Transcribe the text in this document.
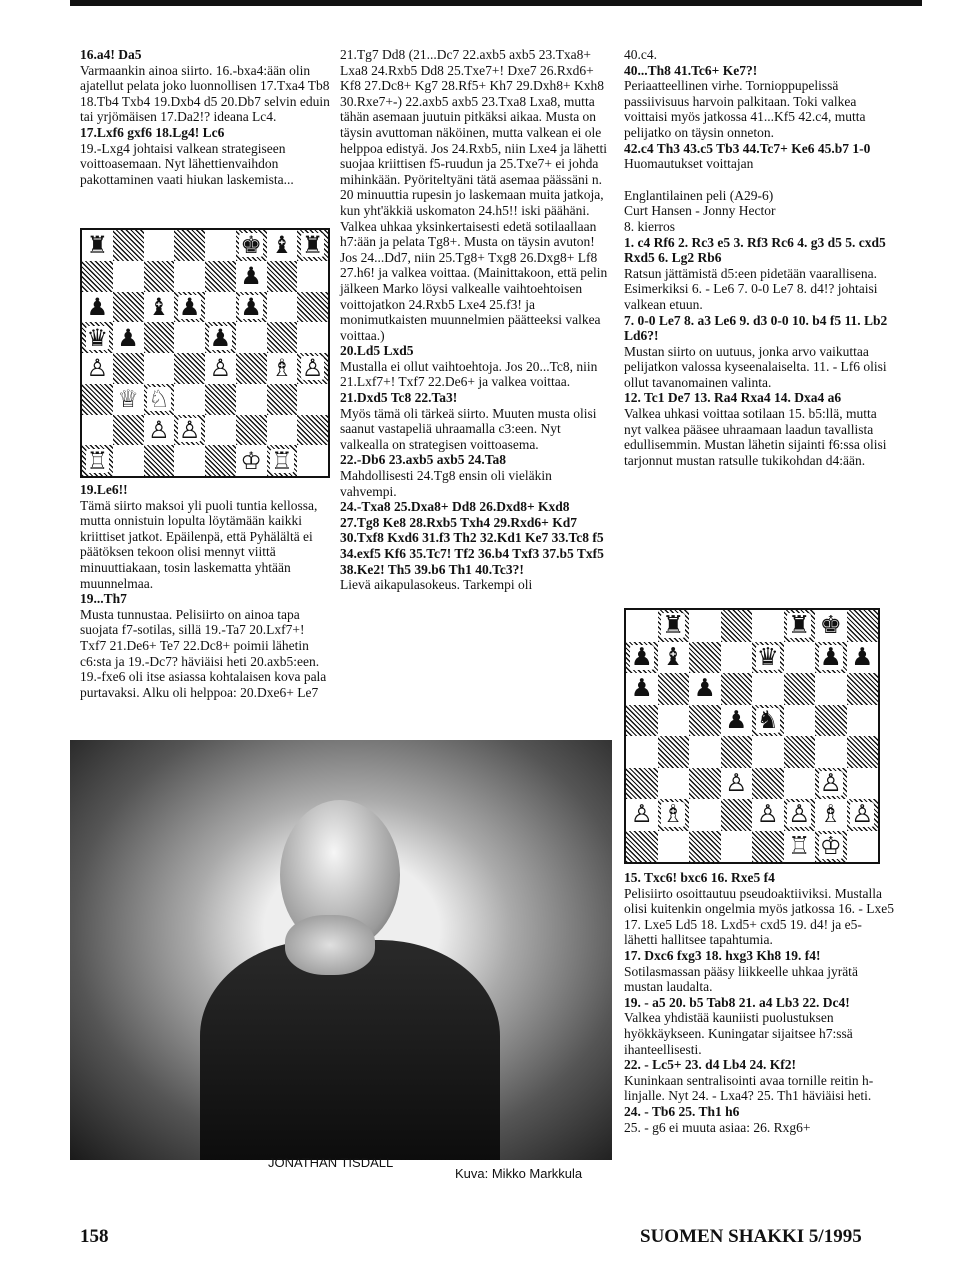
16.a4! Da5

Varmaankin ainoa siirto. 16.-bxa4:ään olin ajatellut pelata joko luonnollisen 17.Txa4 Tb8 18.Tb4 Txb4 19.Dxb4 d5 20.Db7 selvin eduin tai yrjömäisen 17.Da2!? ideana Lc4.

17.Lxf6 gxf6 18.Lg4! Lc6

19.-Lxg4 johtaisi valkean strategiseen voittoasemaan. Nyt lähettienvaihdon pakottaminen vaati hiukan laskemista...

♜	♚ ♝ ♜
♟
♟ ♝ ♟ ♟
♛ ♟	♟
♙	♙ ♗ ♙
♕ ♘
♙ ♙
♖	♔ ♖

19.Le6!!

Tämä siirto maksoi yli puoli tuntia kellossa, mutta onnistuin lopulta löytämään kaikki kriittiset jatkot. Epäilenpä, että Pyhälältä ei päätöksen tekoon olisi mennyt viittä minuuttiakaan, tosin laskematta yhtään muunnelmaa.

19...Th7

Musta tunnustaa. Pelisiirto on ainoa tapa suojata f7-sotilas, sillä 19.-Ta7 20.Lxf7+! Txf7 21.De6+ Te7 22.Dc8+ poimii lähetin c6:sta ja 19.-Dc7? häviäisi heti 20.axb5:een. 19.-fxe6 oli itse asiassa kohtalaisen kova pala purtavaksi. Alku oli helppoa: 20.Dxe6+ Le7

21.Tg7 Dd8 (21...Dc7 22.axb5 axb5 23.Txa8+ Lxa8 24.Rxb5 Dd8 25.Txe7+! Dxe7 26.Rxd6+ Kf8 27.Dc8+ Kg7 28.Rf5+ Kh7 29.Dxh8+ Kxh8 30.Rxe7+-) 22.axb5 axb5 23.Txa8 Lxa8, mutta tähän asemaan juutuin pitkäksi aikaa. Musta on täysin avuttoman näköinen, mutta valkean ei ole helppoa edistyä. Jos 24.Rxb5, niin Lxe4 ja lähetti suojaa kriittisen f5-ruudun ja 25.Txe7+ ei johda mihinkään. Pyöriteltyäni tätä asemaa päässäni n. 20 minuuttia rupesin jo laskemaan muita jatkoja, kun yht'äkkiä uskomaton 24.h5!! iski päähäni. Valkea uhkaa yksinkertaisesti edetä sotilaallaan h7:ään ja pelata Tg8+. Musta on täysin avuton! Jos 24...Dd7, niin 25.Tg8+ Txg8 26.Dxg8+ Lf8 27.h6! ja valkea voittaa. (Mainittakoon, että pelin jälkeen Marko löysi valkealle vaihtoehtoisen voittojatkon 24.Rxb5 Lxe4 25.f3! ja monimutkaisten muunnelmien päätteeksi valkea voittaa.)

20.Ld5 Lxd5

Mustalla ei ollut vaihtoehtoja. Jos 20...Tc8, niin 21.Lxf7+! Txf7 22.De6+ ja valkea voittaa.

21.Dxd5 Tc8 22.Ta3!

Myös tämä oli tärkeä siirto. Muuten musta olisi saanut vastapeliä uhraamalla c3:een. Nyt valkealla on strategisen voittoasema.

22.-Db6 23.axb5 axb5 24.Ta8

Mahdollisesti 24.Tg8 ensin oli vieläkin vahvempi.

24.-Txa8 25.Dxa8+ Dd8 26.Dxd8+ Kxd8 27.Tg8 Ke8 28.Rxb5 Txh4 29.Rxd6+ Kd7 30.Txf8 Kxd6 31.f3 Th2 32.Kd1 Ke7 33.Tc8 f5 34.exf5 Kf6 35.Tc7! Tf2 36.b4 Txf3 37.b5 Txf5 38.Ke2! Th5 39.b6 Th1 40.Tc3?!

Lievä aikapulasokeus. Tarkempi oli

40.c4.

40...Th8 41.Tc6+ Ke7?!

Periaatteellinen virhe. Tornioppupelissä passiivisuus harvoin palkitaan. Toki valkea voittaisi myös jatkossa 41...Kf5 42.c4, mutta pelijatko on täysin onneton.

42.c4 Th3 43.c5 Tb3 44.Tc7+ Ke6 45.b7 1-0

Huomautukset voittajan

Englantilainen peli (A29-6)

Curt Hansen - Jonny Hector

8. kierros

1. c4 Rf6 2. Rc3 e5 3. Rf3 Rc6 4. g3 d5 5. cxd5 Rxd5 6. Lg2 Rb6

Ratsun jättämistä d5:een pidetään vaarallisena. Esimerkiksi 6. - Le6 7. 0-0 Le7 8. d4!? johtaisi valkean etuun.

7. 0-0 Le7 8. a3 Le6 9. d3 0-0 10. b4 f5 11. Lb2 Ld6?!

Mustan siirto on uutuus, jonka arvo vaikuttaa pelijatkon valossa kyseenalaiselta. 11. - Lf6 olisi ollut tavanomainen valinta.

12. Tc1 De7 13. Ra4 Rxa4 14. Dxa4 a6

Valkea uhkasi voittaa sotilaan 15. b5:llä, mutta nyt valkea pääsee uhraamaan laadun tavallista edullisemmin. Mustan lähetin sijainti f6:ssa olisi tarjonnut mustan ratsulle tukikohdan d4:ään.

♜	♜ ♚
♟ ♝	♛ ♟ ♟
♟ ♟
♟ ♞
♙	♙
♙ ♗	♙ ♙ ♗ ♙
♖ ♔

15. Txc6! bxc6 16. Rxe5 f4

Pelisiirto osoittautuu pseudoaktiiviksi. Mustalla olisi kuitenkin ongelmia myös jatkossa 16. - Lxe5 17. Lxe5 Ld5 18. Lxd5+ cxd5 19. d4! ja e5-lähetti hallitsee tapahtumia.

17. Dxc6 fxg3 18. hxg3 Kh8 19. f4!

Sotilasmassan pääsy liikkeelle uhkaa jyrätä mustan laudalta.

19. - a5 20. b5 Tab8 21. a4 Lb3 22. Dc4!

Valkea yhdistää kauniisti puolustuksen hyökkäykseen. Kuningatar sijaitsee h7:ssä ihanteellisesti.

22. - Lc5+ 23. d4 Lb4 24. Kf2!

Kuninkaan sentralisointi avaa tornille reitin h-linjalle. Nyt 24. - Lxa4? 25. Th1 häviäisi heti.

24. - Tb6 25. Th1 h6

25. - g6 ei muuta asiaa: 26. Rxg6+

JONATHAN TISDALL
Kuva: Mikko Markkula
158	SUOMEN SHAKKI 5/1995
